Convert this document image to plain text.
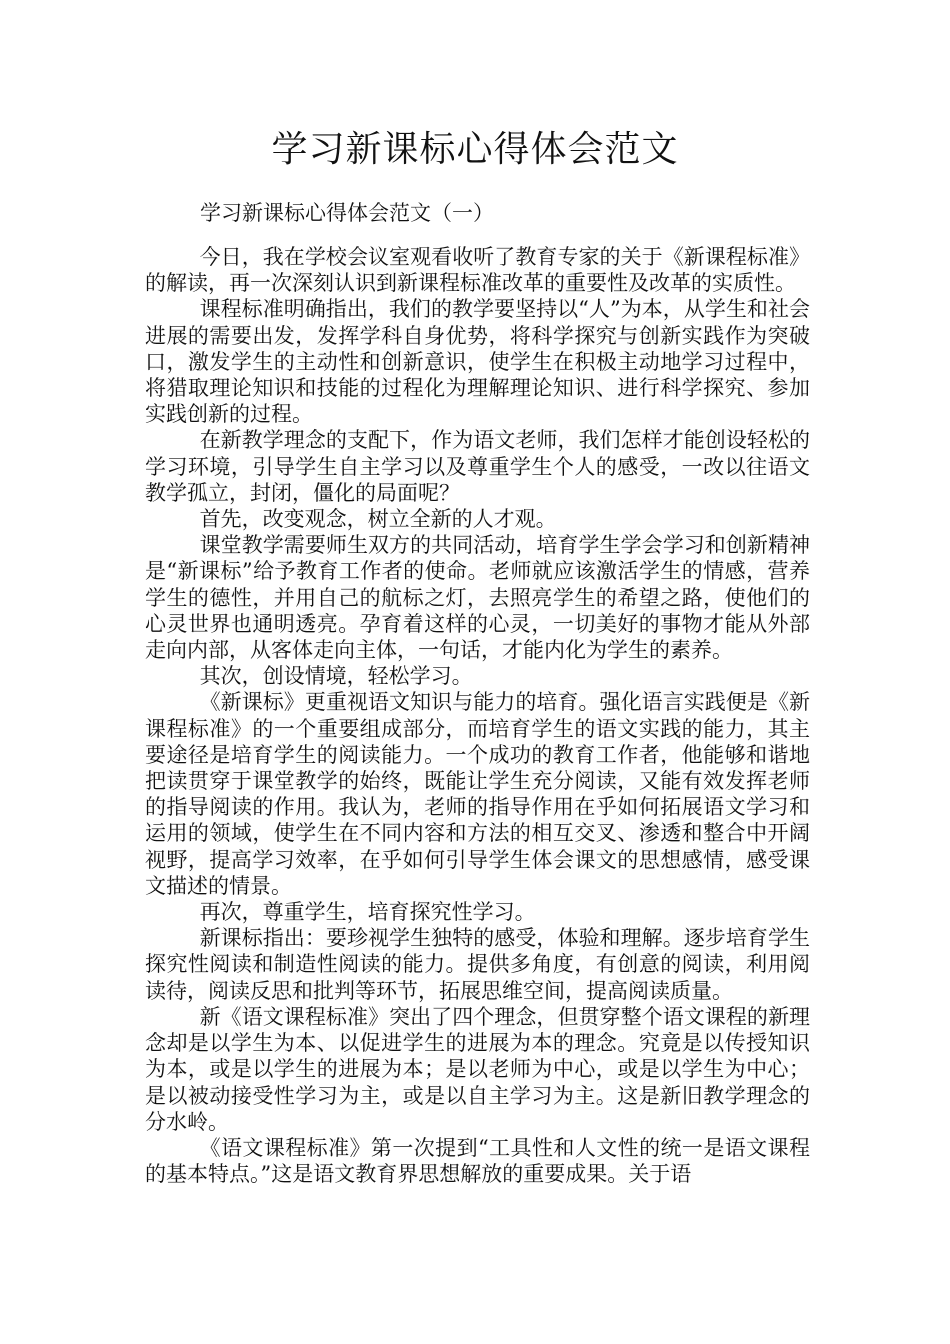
学习新课标心得体会范文
学习新课标心得体会范文（一）

今日，我在学校会议室观看收听了教育专家的关于《新课程标准》的解读，再一次深刻认识到新课程标准改革的重要性及改革的实质性。

课程标准明确指出，我们的教学要坚持以“人”为本，从学生和社会进展的需要出发，发挥学科自身优势，将科学探究与创新实践作为突破口，激发学生的主动性和创新意识，使学生在积极主动地学习过程中，将猎取理论知识和技能的过程化为理解理论知识、进行科学探究、参加实践创新的过程。

在新教学理念的支配下，作为语文老师，我们怎样才能创设轻松的学习环境，引导学生自主学习以及尊重学生个人的感受，一改以往语文教学孤立，封闭，僵化的局面呢？

首先，改变观念，树立全新的人才观。

课堂教学需要师生双方的共同活动，培育学生学会学习和创新精神是“新课标”给予教育工作者的使命。老师就应该激活学生的情感，营养学生的德性，并用自己的航标之灯，去照亮学生的希望之路，使他们的心灵世界也通明透亮。孕育着这样的心灵，一切美好的事物才能从外部走向内部，从客体走向主体，一句话，才能内化为学生的素养。

其次，创设情境，轻松学习。

《新课标》更重视语文知识与能力的培育。强化语言实践便是《新课程标准》的一个重要组成部分，而培育学生的语文实践的能力，其主要途径是培育学生的阅读能力。一个成功的教育工作者，他能够和谐地把读贯穿于课堂教学的始终，既能让学生充分阅读，又能有效发挥老师的指导阅读的作用。我认为，老师的指导作用在乎如何拓展语文学习和运用的领域，使学生在不同内容和方法的相互交叉、渗透和整合中开阔视野，提高学习效率，在乎如何引导学生体会课文的思想感情，感受课文描述的情景。

再次，尊重学生，培育探究性学习。

新课标指出：要珍视学生独特的感受，体验和理解。逐步培育学生探究性阅读和制造性阅读的能力。提供多角度，有创意的阅读，利用阅读待，阅读反思和批判等环节，拓展思维空间，提高阅读质量。

新《语文课程标准》突出了四个理念，但贯穿整个语文课程的新理念却是以学生为本、以促进学生的进展为本的理念。究竟是以传授知识为本，或是以学生的进展为本；是以老师为中心，或是以学生为中心；是以被动接受性学习为主，或是以自主学习为主。这是新旧教学理念的分水岭。

《语文课程标准》第一次提到“工具性和人文性的统一是语文课程的基本特点。”这是语文教育界思想解放的重要成果。关于语
